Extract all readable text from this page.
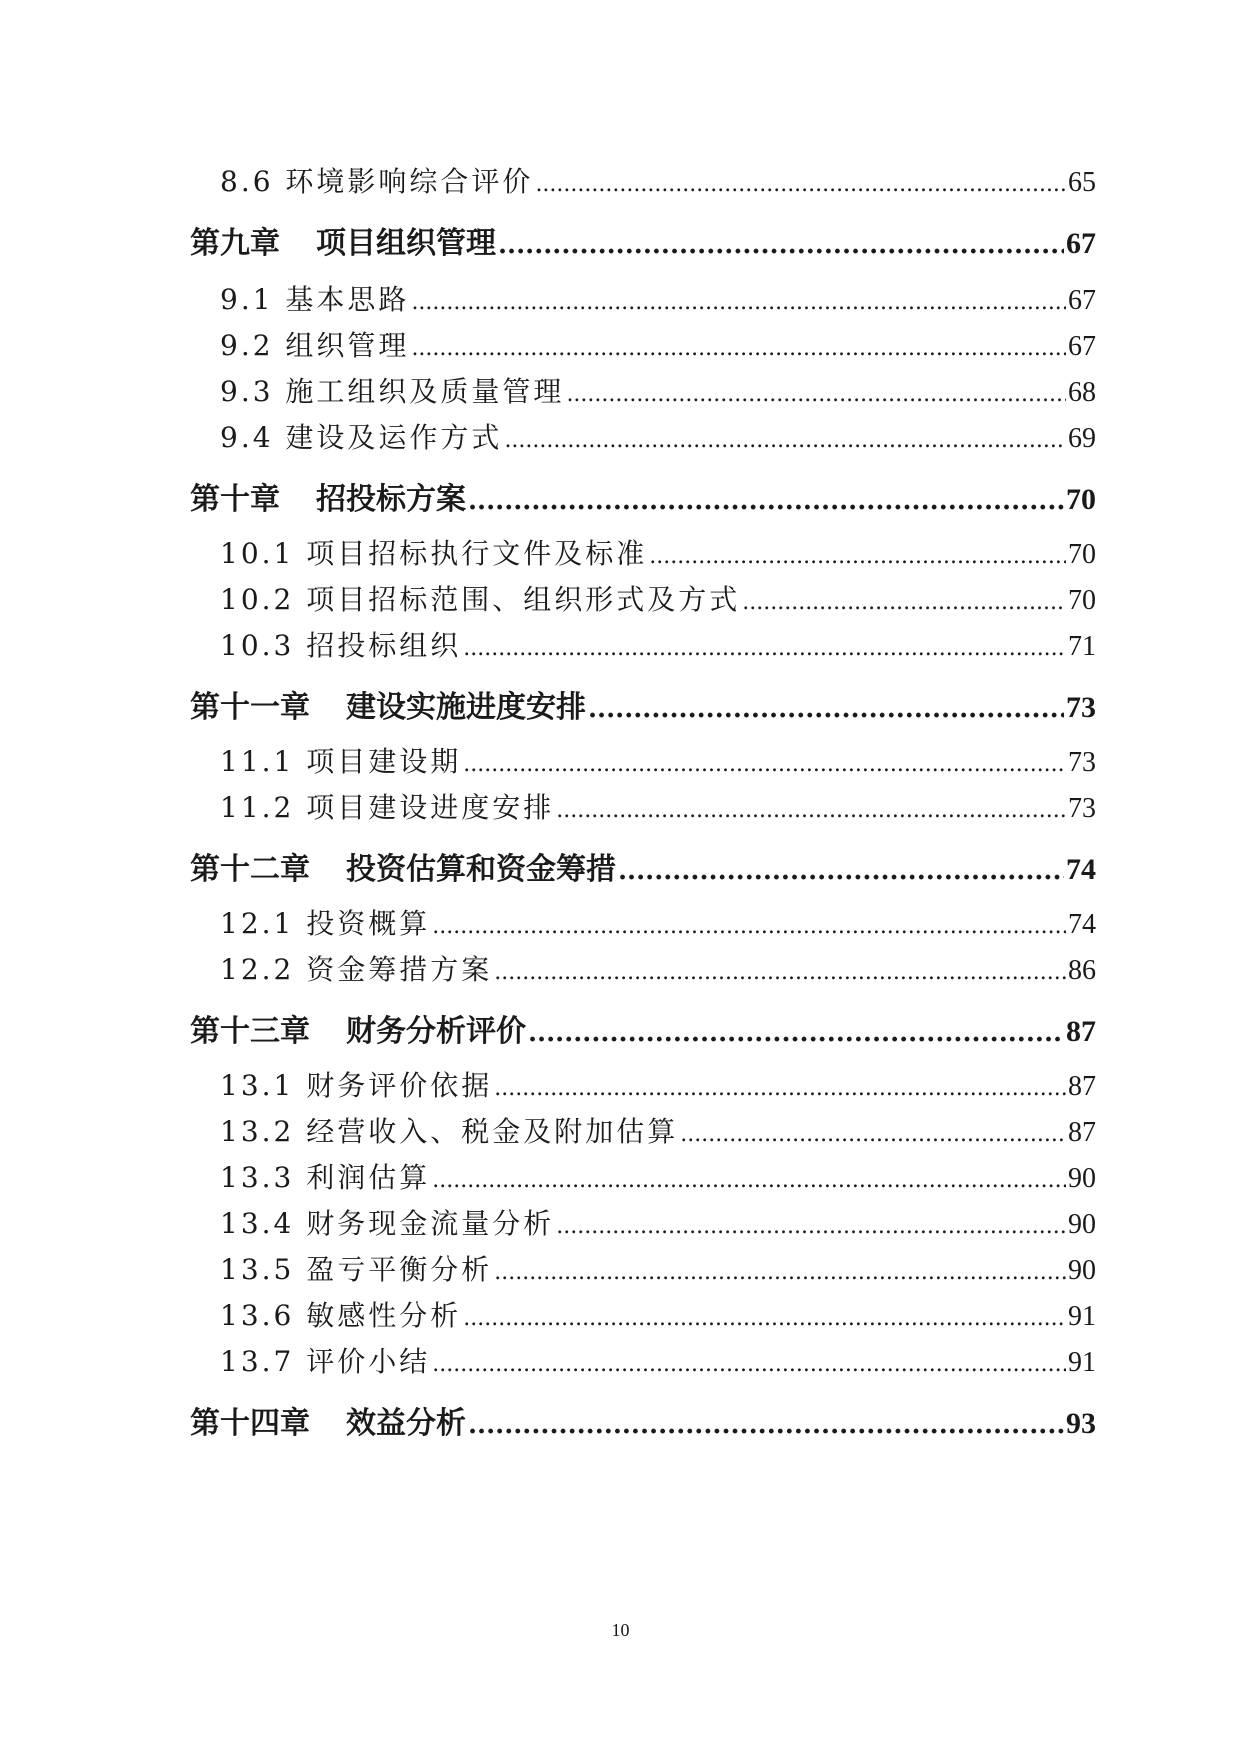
8.6 环境影响综合评价 .....	65
第九章 项目组织管理 .....	67
9.1 基本思路 .....	67
9.2 组织管理 .....	67
9.3 施工组织及质量管理 .....	68
9.4 建设及运作方式 .....	69
第十章 招投标方案 .....	70
10.1 项目招标执行文件及标准 .....	70
10.2 项目招标范围、组织形式及方式 .....	70
10.3 招投标组织 .....	71
第十一章 建设实施进度安排 .....	73
11.1 项目建设期 .....	73
11.2 项目建设进度安排 .....	73
第十二章 投资估算和资金筹措 .....	74
12.1 投资概算 .....	74
12.2 资金筹措方案 .....	86
第十三章 财务分析评价 .....	87
13.1 财务评价依据 .....	87
13.2 经营收入、税金及附加估算 .....	87
13.3 利润估算 .....	90
13.4 财务现金流量分析 .....	90
13.5 盈亏平衡分析 .....	90
13.6 敏感性分析 .....	91
13.7 评价小结 .....	91
第十四章 效益分析 .....	93
10
